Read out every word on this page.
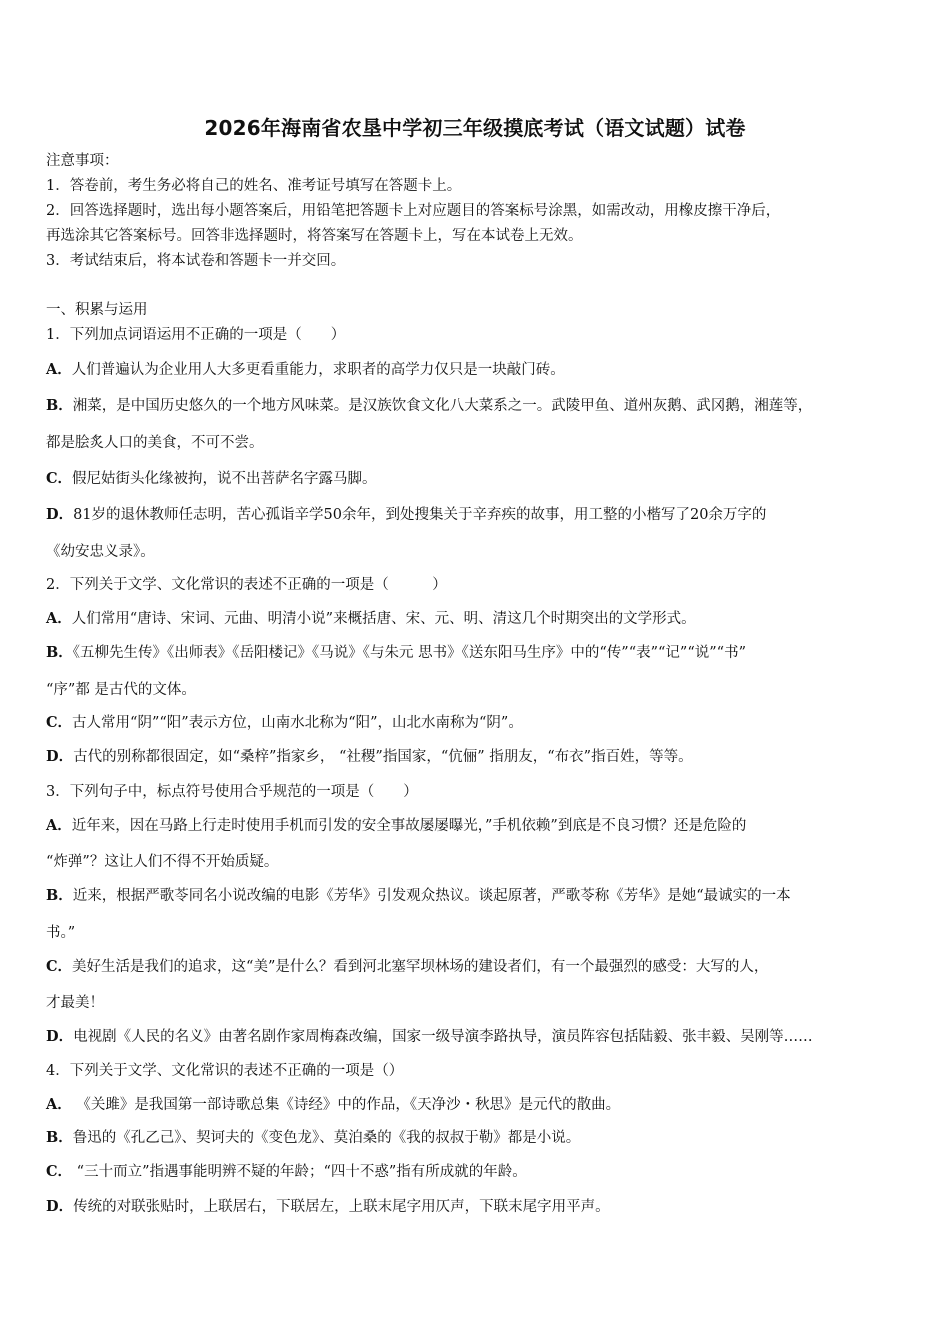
2026年海南省农垦中学初三年级摸底考试（语文试题）试卷
注意事项：
1．答卷前，考生务必将自己的姓名、准考证号填写在答题卡上。
2．回答选择题时，选出每小题答案后，用铅笔把答题卡上对应题目的答案标号涂黑，如需改动，用橡皮擦干净后，
再选涂其它答案标号。回答非选择题时，将答案写在答题卡上，写在本试卷上无效。
3．考试结束后，将本试卷和答题卡一并交回。
一、积累与运用
1．下列加点词语运用不正确的一项是（　　）
A．人们普遍认为企业用人大多更看重能力，求职者的高学力仅只是一块敲门砖。
B．湘菜，是中国历史悠久的一个地方风味菜。是汉族饮食文化八大菜系之一。武陵甲鱼、道州灰鹅、武冈鹅，湘莲等，
都是脍炙人口的美食，不可不尝。
C．假尼姑街头化缘被拘，说不出菩萨名字露马脚。
D．81岁的退休教师任志明，苦心孤诣辛学50余年，到处搜集关于辛弃疾的故事，用工整的小楷写了20余万字的
《幼安忠义录》。
2．下列关于文学、文化常识的表述不正确的一项是（　　　）
A．人们常用“唐诗、宋词、元曲、明清小说”来概括唐、宋、元、明、清这几个时期突出的文学形式。
B．《五柳先生传》《出师表》《岳阳楼记》《马说》《与朱元 思书》《送东阳马生序》中的“传”“表”“记”“说”“书”
“序”都 是古代的文体。
C．古人常用“阴”“阳”表示方位，山南水北称为“阳”，山北水南称为“阴”。
D．古代的别称都很固定，如“桑梓”指家乡， “社稷”指国家，“伉俪” 指朋友，“布衣”指百姓，等等。
3．下列句子中，标点符号使用合乎规范的一项是（　　）
A．近年来，因在马路上行走时使用手机而引发的安全事故屡屡曝光，”手机依赖”到底是不良习惯？还是危险的
“炸弹”？这让人们不得不开始质疑。
B．近来，根据严歌苓同名小说改编的电影《芳华》引发观众热议。谈起原著，严歌苓称《芳华》是她“最诚实的一本
书。”
C．美好生活是我们的追求，这“美”是什么？看到河北塞罕坝林场的建设者们，有一个最强烈的感受：大写的人，
才最美！
D．电视剧《人民的名义》由著名剧作家周梅森改编，国家一级导演李路执导，演员阵容包括陆毅、张丰毅、吴刚等……
4．下列关于文学、文化常识的表述不正确的一项是（）
A． 《关雎》是我国第一部诗歌总集《诗经》中的作品，《天净沙・秋思》是元代的散曲。
B．鲁迅的《孔乙己》、契诃夫的《变色龙》、莫泊桑的《我的叔叔于勒》都是小说。
C． “三十而立”指遇事能明辨不疑的年龄；“四十不惑”指有所成就的年龄。
D．传统的对联张贴时，上联居右，下联居左，上联末尾字用仄声，下联末尾字用平声。
